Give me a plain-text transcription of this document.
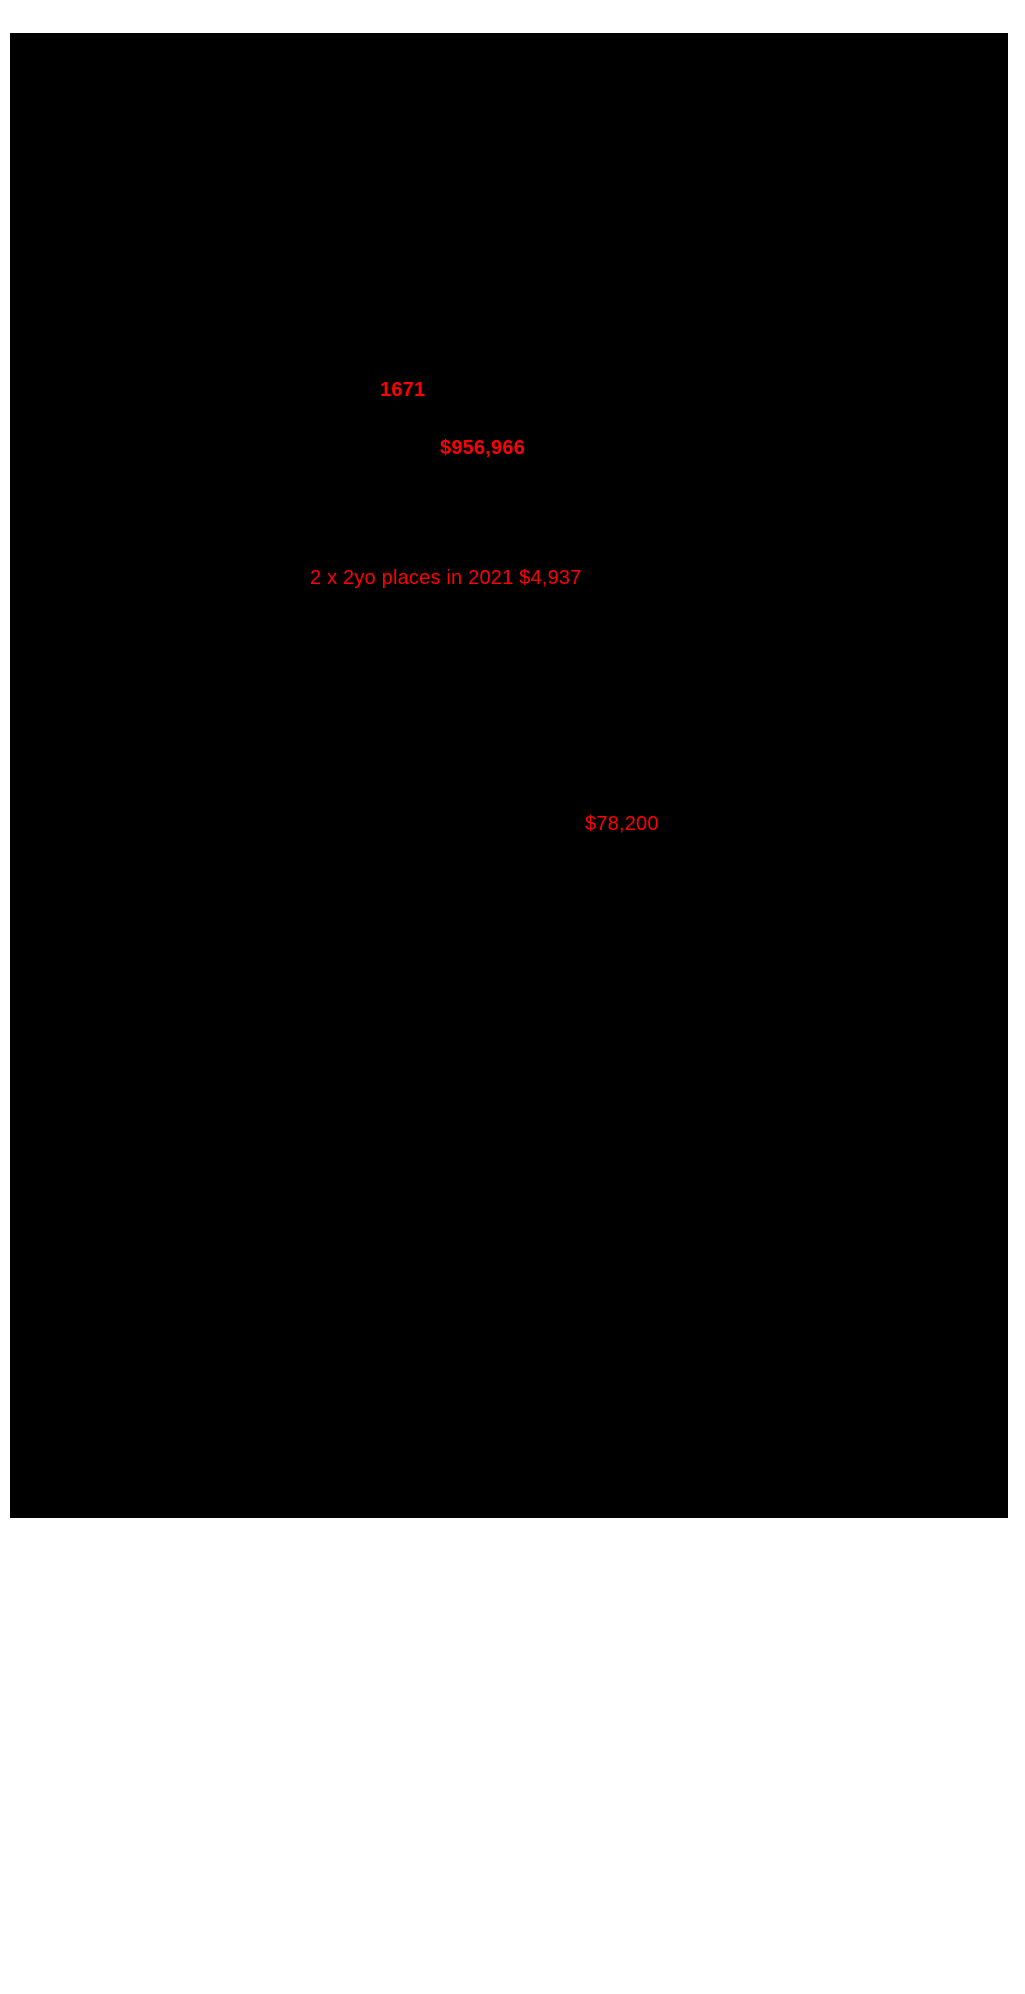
1671
$956,966
2 x 2yo places in 2021 $4,937
$78,200
